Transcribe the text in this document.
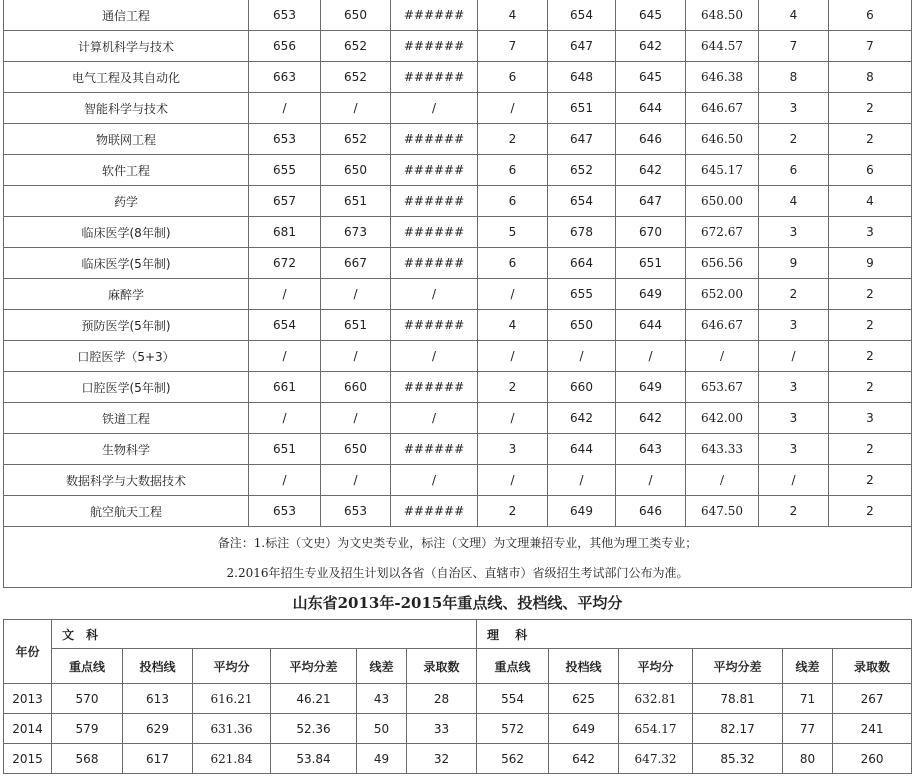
通信工程	653	650	######	4	654	645	648.50	4	6
计算机科学与技术	656	652	######	7	647	642	644.57	7	7
电气工程及其自动化	663	652	######	6	648	645	646.38	8	8
智能科学与技术	/	/	/	/	651	644	646.67	3	2
物联网工程	653	652	######	2	647	646	646.50	2	2
软件工程	655	650	######	6	652	642	645.17	6	6
药学	657	651	######	6	654	647	650.00	4	4
临床医学(8年制)	681	673	######	5	678	670	672.67	3	3
临床医学(5年制)	672	667	######	6	664	651	656.56	9	9
麻醉学	/	/	/	/	655	649	652.00	2	2
预防医学(5年制)	654	651	######	4	650	644	646.67	3	2
口腔医学（5+3）	/	/	/	/	/	/	/	/	2
口腔医学(5年制)	661	660	######	2	660	649	653.67	3	2
铁道工程	/	/	/	/	642	642	642.00	3	3
生物科学	651	650	######	3	644	643	643.33	3	2
数据科学与大数据技术	/	/	/	/	/	/	/	/	2
航空航天工程	653	653	######	2	649	646	647.50	2	2
备注：1.标注（文史）为文史类专业，标注（文理）为文理兼招专业，其他为理工类专业；									
2.2016年招生专业及招生计划以各省（自治区、直辖市）省级招生考试部门公布为准。									
山东省2013年-2015年重点线、投档线、平均分
年份	文　科						理　 科					
	重点线	投档线	平均分	平均分差	线差	录取数	重点线	投档线	平均分	平均分差	线差	录取数
2013	570	613	616.21	46.21	43	28	554	625	632.81	78.81	71	267
2014	579	629	631.36	52.36	50	33	572	649	654.17	82.17	77	241
2015	568	617	621.84	53.84	49	32	562	642	647.32	85.32	80	260
